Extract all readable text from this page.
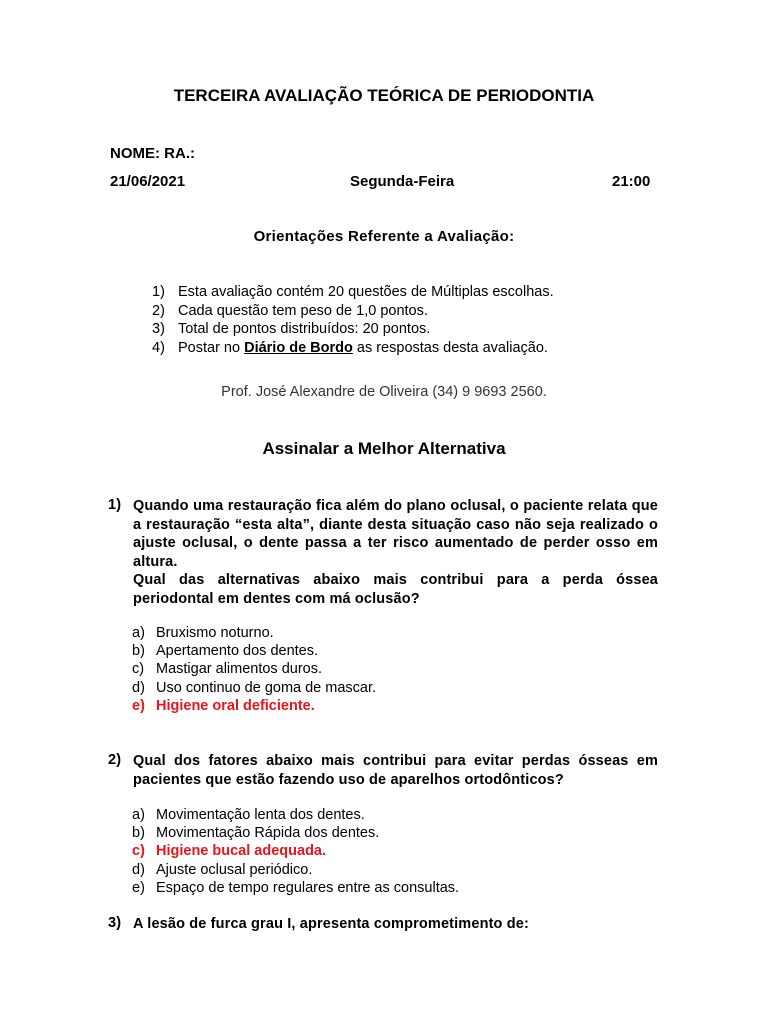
TERCEIRA AVALIAÇÃO TEÓRICA DE PERIODONTIA
NOME: RA.:
21/06/2021	Segunda-Feira	21:00
Orientações Referente a Avaliação:
1) Esta avaliação contém 20 questões de Múltiplas escolhas.
2) Cada questão tem peso de 1,0 pontos.
3) Total de pontos distribuídos: 20 pontos.
4) Postar no Diário de Bordo as respostas desta avaliação.
Prof. José Alexandre de Oliveira (34) 9 9693 2560.
Assinalar a Melhor Alternativa
1) Quando uma restauração fica além do plano oclusal, o paciente relata que a restauração “esta alta”, diante desta situação caso não seja realizado o ajuste oclusal, o dente passa a ter risco aumentado de perder osso em altura.

Qual das alternativas abaixo mais contribui para a perda óssea periodontal em dentes com má oclusão?

a) Bruxismo noturno.
b) Apertamento dos dentes.
c) Mastigar alimentos duros.
d) Uso continuo de goma de mascar.
e) Higiene oral deficiente.
2) Qual dos fatores abaixo mais contribui para evitar perdas ósseas em pacientes que estão fazendo uso de aparelhos ortodônticos?

a) Movimentação lenta dos dentes.
b) Movimentação Rápida dos dentes.
c) Higiene bucal adequada.
d) Ajuste oclusal periódico.
e) Espaço de tempo regulares entre as consultas.
3) A lesão de furca grau I, apresenta comprometimento de:
